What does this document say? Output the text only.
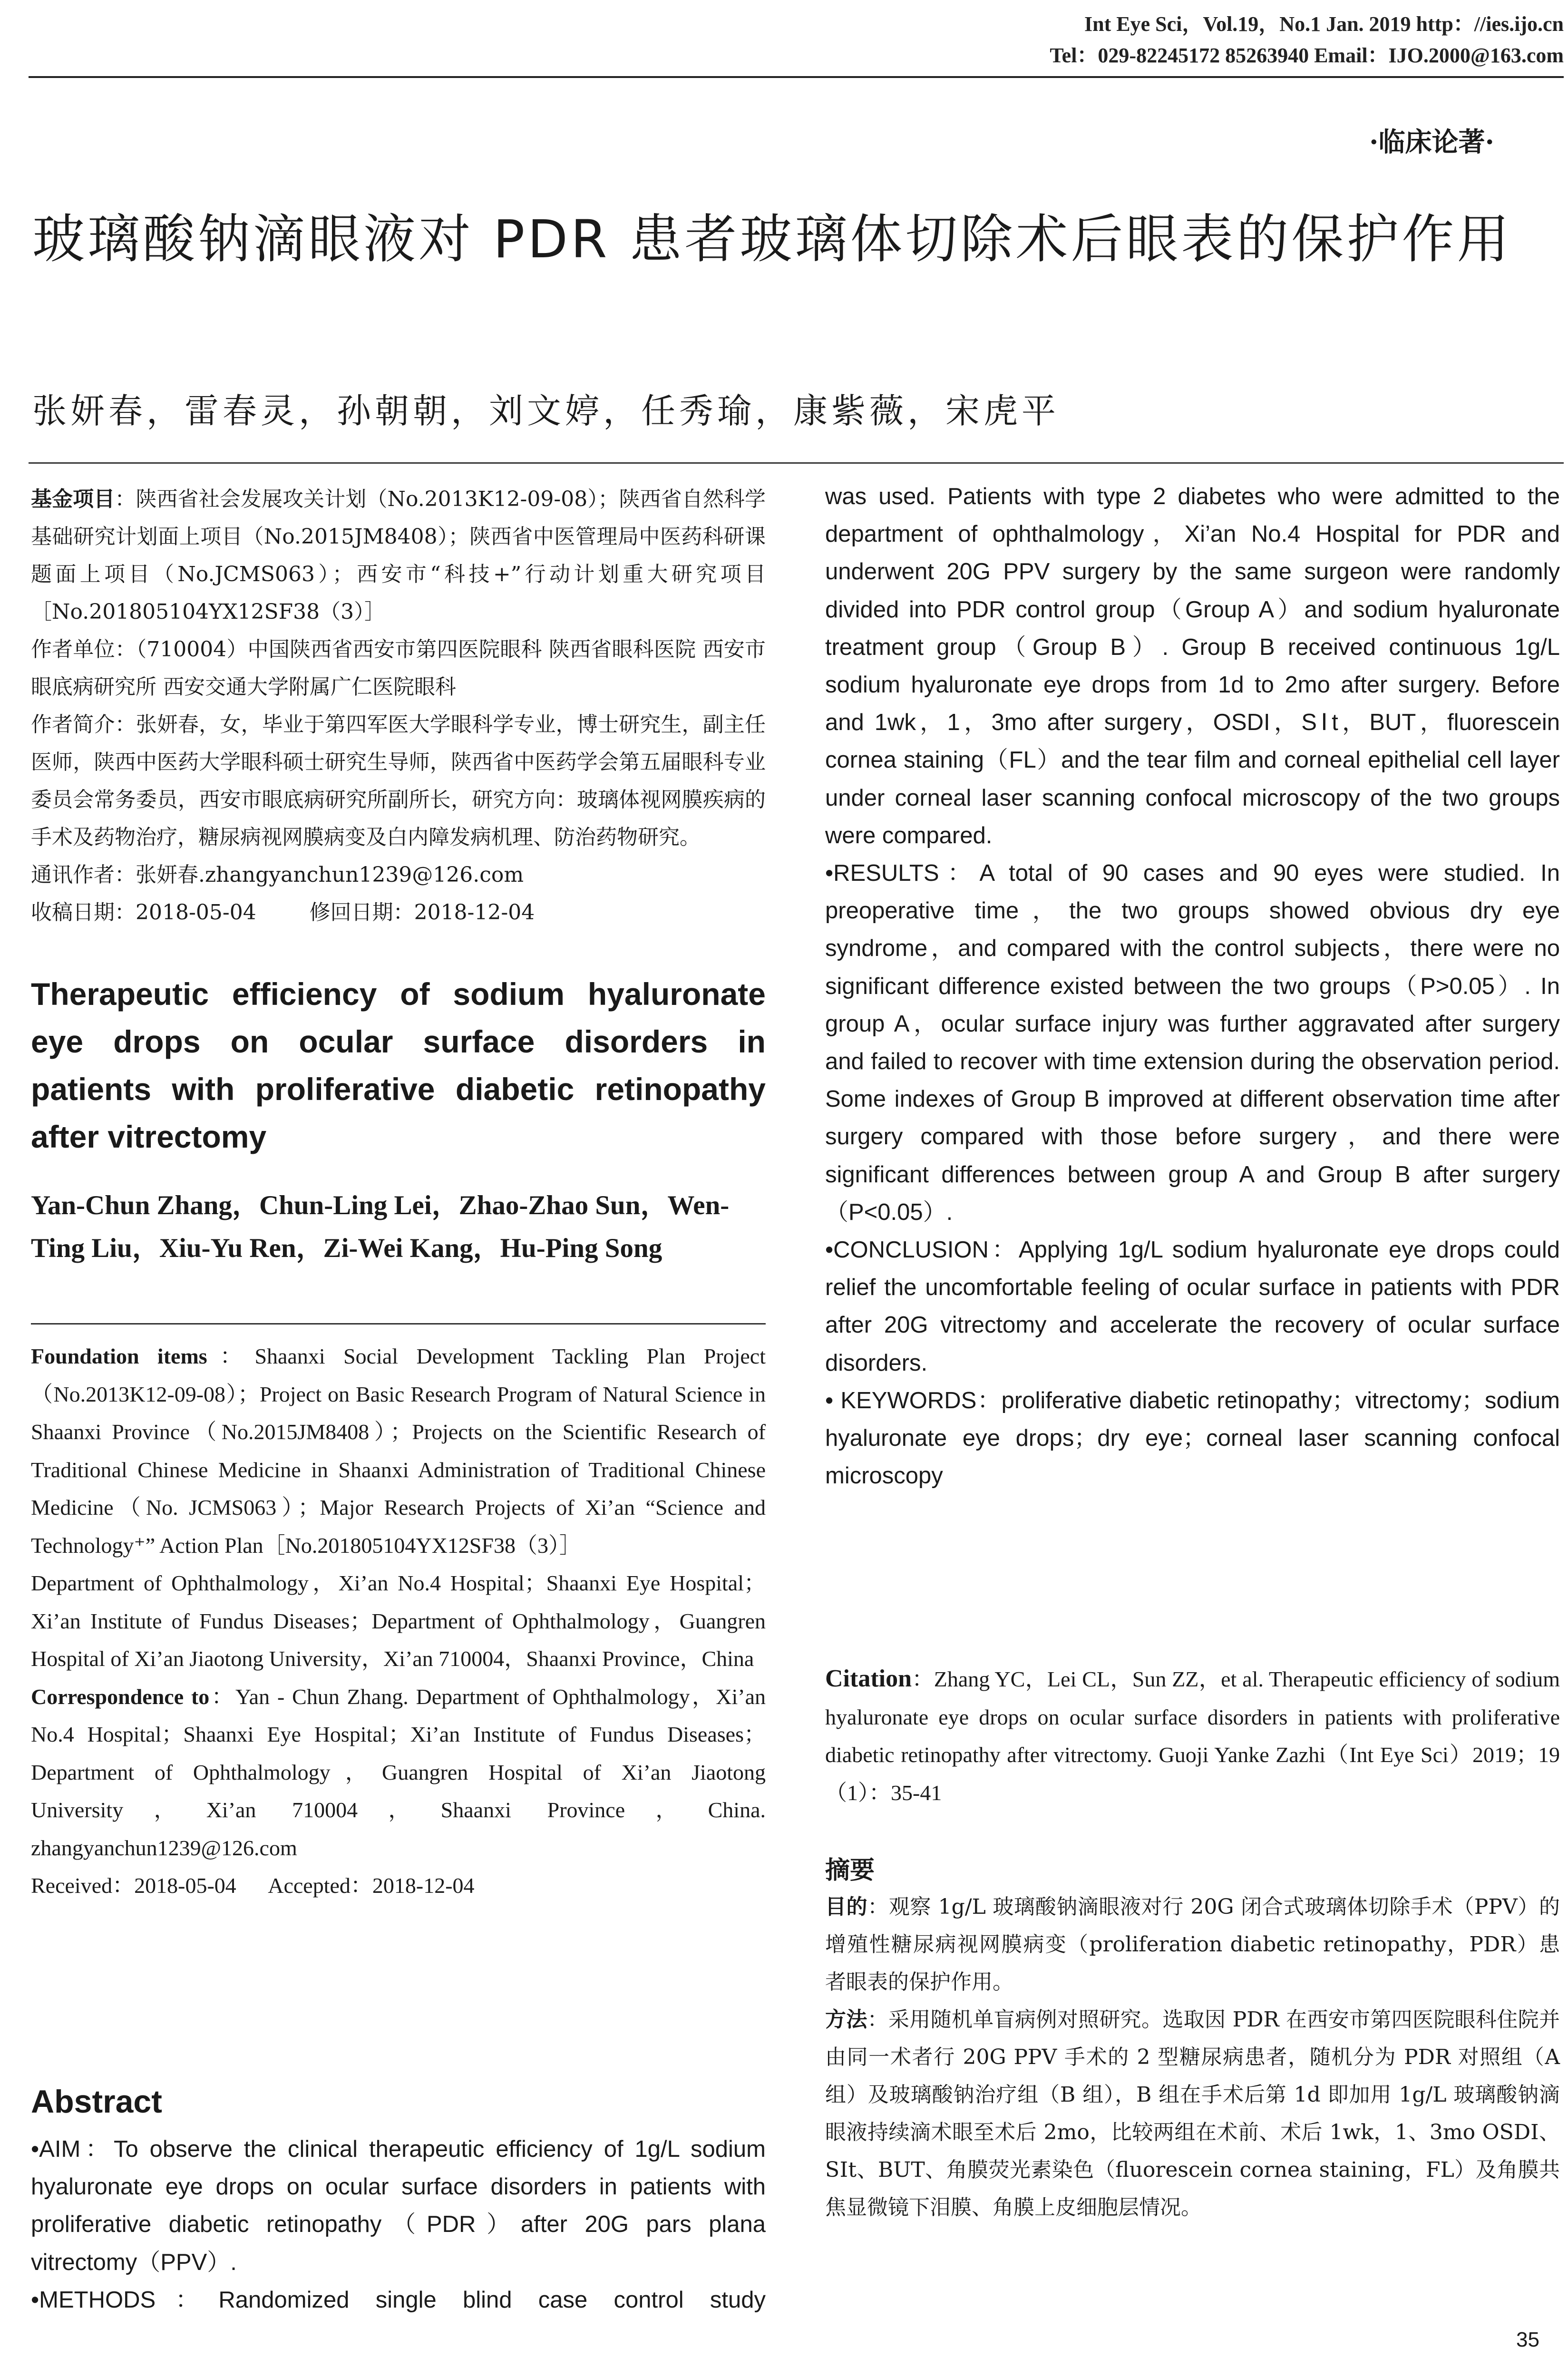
Int Eye Sci，Vol.19，No.1 Jan. 2019 http：//ies.ijo.cn
Tel：029-82245172 85263940 Email：IJO.2000@163.com
·临床论著·
玻璃酸钠滴眼液对 PDR 患者玻璃体切除术后眼表的保护作用
张妍春，雷春灵，孙朝朝，刘文婷，任秀瑜，康紫薇，宋虎平

基金项目：陕西省社会发展攻关计划（No.2013K12-09-08）；陕西省自然科学基础研究计划面上项目（No.2015JM8408）；陕西省中医管理局中医药科研课题面上项目（No.JCMS063）；西安市“科技+”行动计划重大研究项目［No.201805104YX12SF38（3）］

作者单位：（710004）中国陕西省西安市第四医院眼科 陕西省眼科医院 西安市眼底病研究所 西安交通大学附属广仁医院眼科

作者简介：张妍春，女，毕业于第四军医大学眼科学专业，博士研究生，副主任医师，陕西中医药大学眼科硕士研究生导师，陕西省中医药学会第五届眼科专业委员会常务委员，西安市眼底病研究所副所长，研究方向：玻璃体视网膜疾病的手术及药物治疗，糖尿病视网膜病变及白内障发病机理、防治药物研究。

通讯作者：张妍春.zhangyanchun1239@126.com

收稿日期：2018-05-04        修回日期：2018-12-04

Therapeutic efficiency of sodium hyaluronate eye drops on ocular surface disorders in patients with proliferative diabetic retinopathy after vitrectomy
Yan-Chun Zhang，Chun-Ling Lei，Zhao-Zhao Sun，Wen-Ting Liu，Xiu-Yu Ren，Zi-Wei Kang，Hu-Ping Song

Foundation items：Shaanxi Social Development Tackling Plan Project（No.2013K12-09-08）；Project on Basic Research Program of Natural Science in Shaanxi Province（No.2015JM8408）；Projects on the Scientific Research of Traditional Chinese Medicine in Shaanxi Administration of Traditional Chinese Medicine（No. JCMS063）；Major Research Projects of Xi’an “Science and Technology⁺” Action Plan［No.201805104YX12SF38（3）］

Department of Ophthalmology，Xi’an No.4 Hospital；Shaanxi Eye Hospital；Xi’an Institute of Fundus Diseases；Department of Ophthalmology，Guangren Hospital of Xi’an Jiaotong University，Xi’an 710004，Shaanxi Province，China

Correspondence to：Yan - Chun Zhang. Department of Ophthalmology，Xi’an No.4 Hospital；Shaanxi Eye Hospital；Xi’an Institute of Fundus Diseases；Department of Ophthalmology，Guangren Hospital of Xi’an Jiaotong University，Xi’an 710004，Shaanxi Province，China. zhangyanchun1239@126.com

Received：2018-05-04      Accepted：2018-12-04

Abstract

•AIM：To observe the clinical therapeutic efficiency of 1g/L sodium hyaluronate eye drops on ocular surface disorders in patients with proliferative diabetic retinopathy（PDR）after 20G pars plana vitrectomy（PPV）.

•METHODS：Randomized single blind case control study

was used. Patients with type 2 diabetes who were admitted to the department of ophthalmology，Xi’an No.4 Hospital for PDR and underwent 20G PPV surgery by the same surgeon were randomly divided into PDR control group（Group A）and sodium hyaluronate treatment group（Group B）. Group B received continuous 1g/L sodium hyaluronate eye drops from 1d to 2mo after surgery. Before and 1wk，1，3mo after surgery，OSDI，SⅠt，BUT，fluorescein cornea staining（FL）and the tear film and corneal epithelial cell layer under corneal laser scanning confocal microscopy of the two groups were compared.

•RESULTS：A total of 90 cases and 90 eyes were studied. In preoperative time，the two groups showed obvious dry eye syndrome，and compared with the control subjects，there were no significant difference existed between the two groups（P>0.05）. In group A，ocular surface injury was further aggravated after surgery and failed to recover with time extension during the observation period. Some indexes of Group B improved at different observation time after surgery compared with those before surgery，and there were significant differences between group A and Group B after surgery（P<0.05）.

•CONCLUSION：Applying 1g/L sodium hyaluronate eye drops could relief the uncomfortable feeling of ocular surface in patients with PDR after 20G vitrectomy and accelerate the recovery of ocular surface disorders.

• KEYWORDS：proliferative diabetic retinopathy；vitrectomy；sodium hyaluronate eye drops；dry eye；corneal laser scanning confocal microscopy

Citation：Zhang YC，Lei CL，Sun ZZ，et al. Therapeutic efficiency of sodium hyaluronate eye drops on ocular surface disorders in patients with proliferative diabetic retinopathy after vitrectomy. Guoji Yanke Zazhi（Int Eye Sci）2019；19（1）：35-41
摘要

目的：观察 1g/L 玻璃酸钠滴眼液对行 20G 闭合式玻璃体切除手术（PPV）的增殖性糖尿病视网膜病变（proliferation diabetic retinopathy，PDR）患者眼表的保护作用。

方法：采用随机单盲病例对照研究。选取因 PDR 在西安市第四医院眼科住院并由同一术者行 20G PPV 手术的 2 型糖尿病患者，随机分为 PDR 对照组（A 组）及玻璃酸钠治疗组（B 组），B 组在手术后第 1d 即加用 1g/L 玻璃酸钠滴眼液持续滴术眼至术后 2mo，比较两组在术前、术后 1wk，1、3mo OSDI、SⅠt、BUT、角膜荧光素染色（fluorescein cornea staining，FL）及角膜共焦显微镜下泪膜、角膜上皮细胞层情况。

35
